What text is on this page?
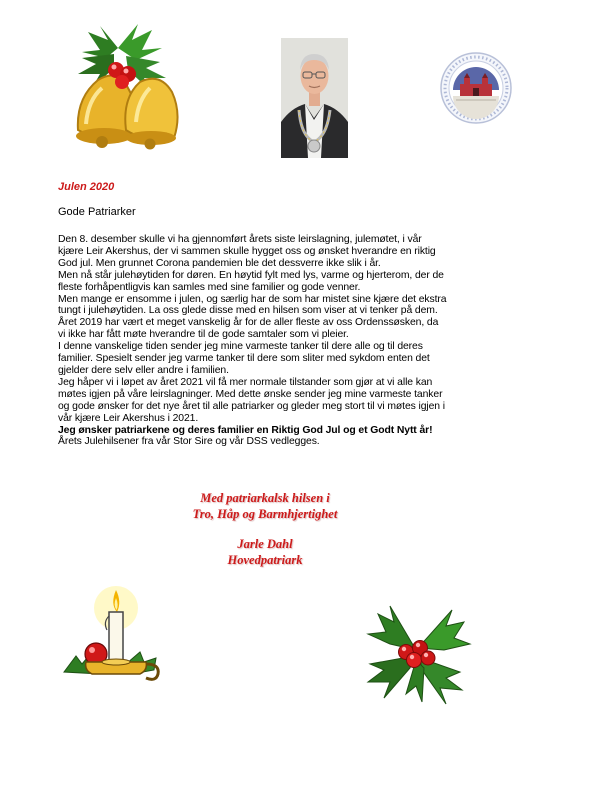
Julen 2020
Gode Patriarker

Den 8. desember skulle vi ha gjennomført årets siste leirslagning, julemøtet, i vår

kjære Leir Akershus, der vi sammen skulle hygget oss og ønsket hverandre en riktig

God jul. Men grunnet Corona pandemien ble det dessverre ikke slik i år.

Men nå står julehøytiden for døren. En høytid fylt med lys, varme og hjerterom, der de

fleste forhåpentligvis kan samles med sine familier og gode venner.

Men mange er ensomme i julen, og særlig har de som har mistet sine kjære det ekstra

tungt i julehøytiden. La oss glede disse med en hilsen som viser at vi tenker på dem.

Året 2019 har vært et meget vanskelig år for de aller fleste av oss Ordenssøsken, da

vi ikke har fått møte hverandre til de gode samtaler som vi pleier.

I denne vanskelige tiden sender jeg mine varmeste tanker til dere alle og til deres

familier. Spesielt sender jeg varme tanker til dere som sliter med sykdom enten det

gjelder dere selv eller andre i familien.

Jeg håper vi i løpet av året 2021 vil få mer normale tilstander som gjør at vi alle kan

møtes igjen på våre leirslagninger. Med dette ønske sender jeg mine varmeste tanker

og gode ønsker for det nye året til alle patriarker og gleder meg stort til vi møtes igjen i

vår kjære Leir Akershus i 2021.

Jeg ønsker patriarkene og deres familier en Riktig God Jul og et Godt Nytt år!

Årets Julehilsener fra vår Stor Sire og vår DSS vedlegges.

Med patriarkalsk hilsen i

Tro, Håp og Barmhjertighet

Jarle Dahl

Hovedpatriark
